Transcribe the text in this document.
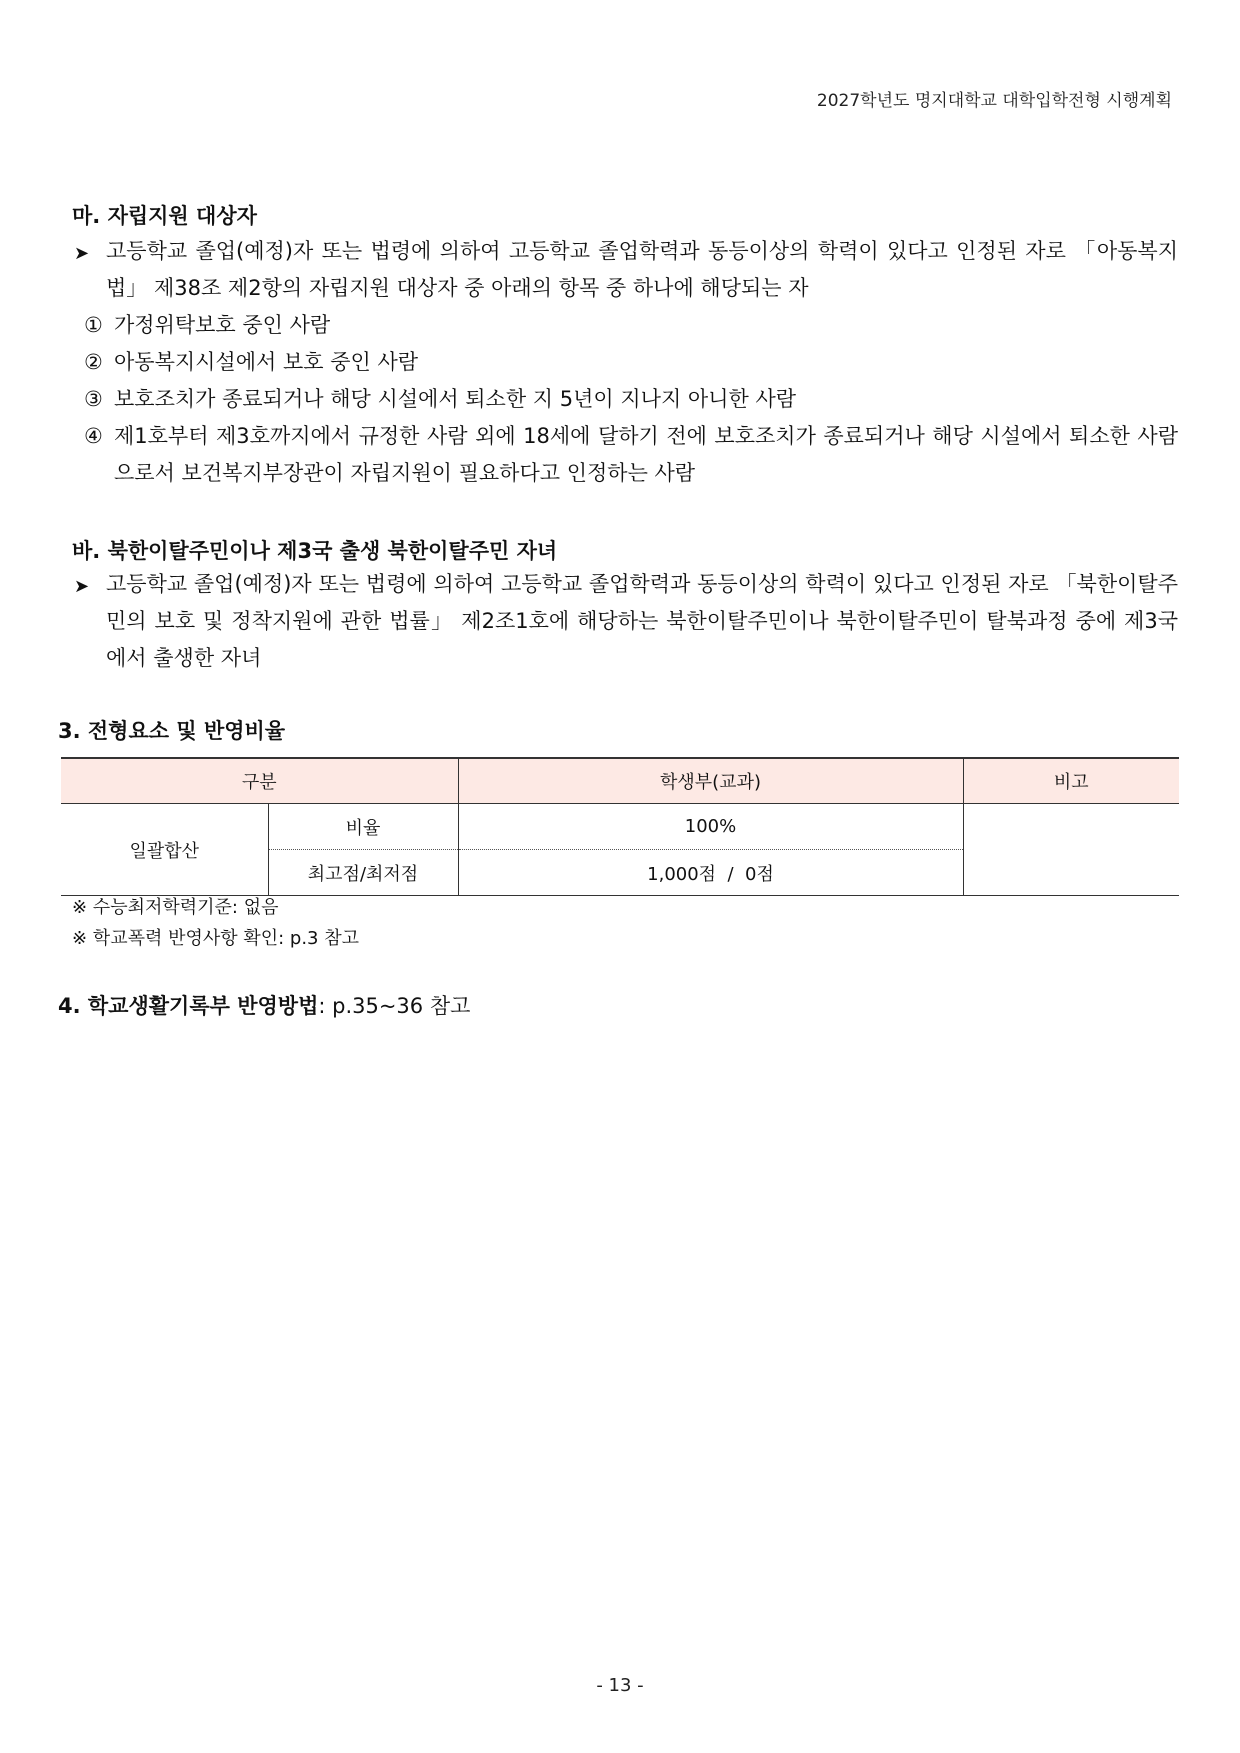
2027학년도 명지대학교 대학입학전형 시행계획
마. 자립지원 대상자
➤ 고등학교 졸업(예정)자 또는 법령에 의하여 고등학교 졸업학력과 동등이상의 학력이 있다고 인정된 자로 「아동복지법」 제38조 제2항의 자립지원 대상자 중 아래의 항목 중 하나에 해당되는 자
① 가정위탁보호 중인 사람
② 아동복지시설에서 보호 중인 사람
③ 보호조치가 종료되거나 해당 시설에서 퇴소한 지 5년이 지나지 아니한 사람
④ 제1호부터 제3호까지에서 규정한 사람 외에 18세에 달하기 전에 보호조치가 종료되거나 해당 시설에서 퇴소한 사람으로서 보건복지부장관이 자립지원이 필요하다고 인정하는 사람
바. 북한이탈주민이나 제3국 출생 북한이탈주민 자녀
➤ 고등학교 졸업(예정)자 또는 법령에 의하여 고등학교 졸업학력과 동등이상의 학력이 있다고 인정된 자로 「북한이탈주민의 보호 및 정착지원에 관한 법률」 제2조1호에 해당하는 북한이탈주민이나 북한이탈주민이 탈북과정 중에 제3국에서 출생한 자녀
3. 전형요소 및 반영비율
구분		학생부(교과)	비고
일괄합산	비율	100%	
	최고점/최저점	1,000점  /  0점	
※ 수능최저학력기준: 없음
※ 학교폭력 반영사항 확인: p.3 참고
4. 학교생활기록부 반영방법: p.35~36 참고
- 13 -
